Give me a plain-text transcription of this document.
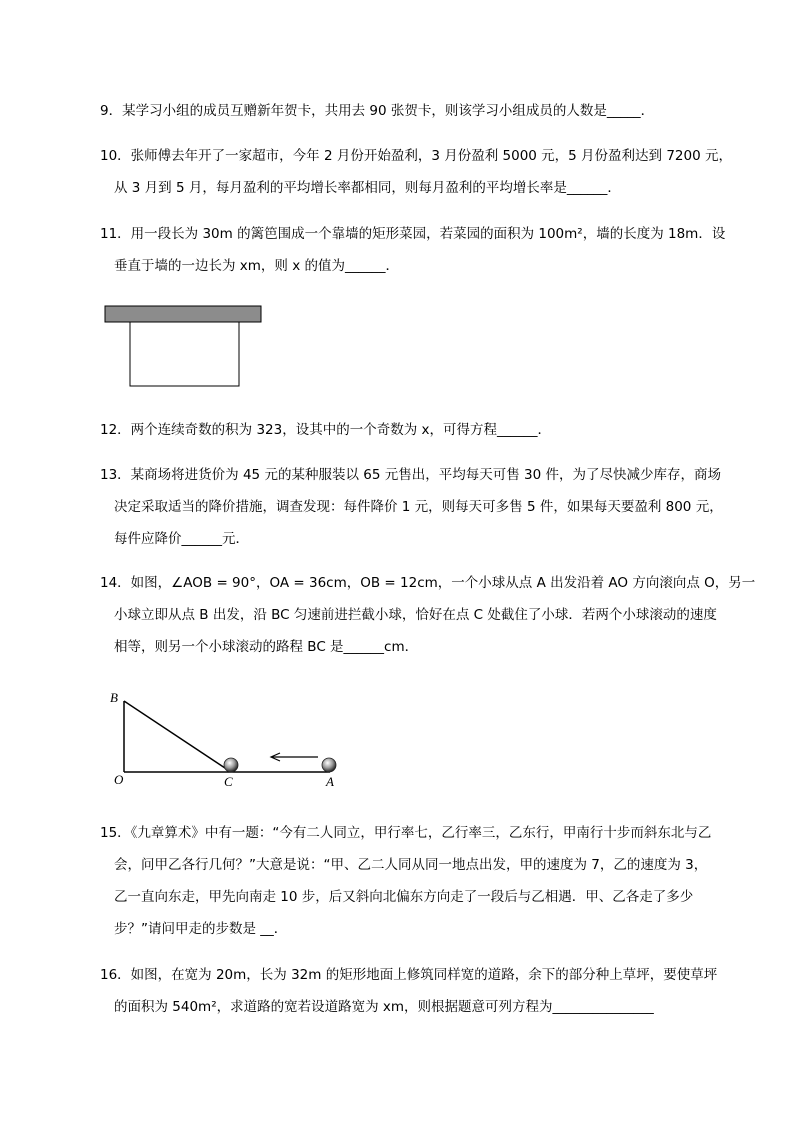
9．某学习小组的成员互赠新年贺卡，共用去 90 张贺卡，则该学习小组成员的人数是_____．
10．张师傅去年开了一家超市，今年 2 月份开始盈利，3 月份盈利 5000 元，5 月份盈利达到 7200 元，
从 3 月到 5 月，每月盈利的平均增长率都相同，则每月盈利的平均增长率是______．
11．用一段长为 30m 的篱笆围成一个靠墙的矩形菜园，若菜园的面积为 100m²，墙的长度为 18m．设
垂直于墙的一边长为 xm，则 x 的值为______．
12．两个连续奇数的积为 323，设其中的一个奇数为 x，可得方程______．
13．某商场将进货价为 45 元的某种服装以 65 元售出，平均每天可售 30 件，为了尽快减少库存，商场
决定采取适当的降价措施，调查发现：每件降价 1 元，则每天可多售 5 件，如果每天要盈利 800 元，
每件应降价______元．
14．如图，∠AOB = 90°，OA = 36cm，OB = 12cm，一个小球从点 A 出发沿着 AO 方向滚向点 O，另一
小球立即从点 B 出发，沿 BC 匀速前进拦截小球，恰好在点 C 处截住了小球．若两个小球滚动的速度
相等，则另一个小球滚动的路程 BC 是______cm．
B
O	C	A
15．《九章算术》中有一题：“今有二人同立，甲行率七，乙行率三，乙东行，甲南行十步而斜东北与乙
会，问甲乙各行几何？”大意是说：“甲、乙二人同从同一地点出发，甲的速度为 7，乙的速度为 3，
乙一直向东走，甲先向南走 10 步，后又斜向北偏东方向走了一段后与乙相遇．甲、乙各走了多少
步？”请问甲走的步数是 __．
16．如图，在宽为 20m，长为 32m 的矩形地面上修筑同样宽的道路，余下的部分种上草坪，要使草坪
的面积为 540m²，求道路的宽若设道路宽为 xm，则根据题意可列方程为_______________
